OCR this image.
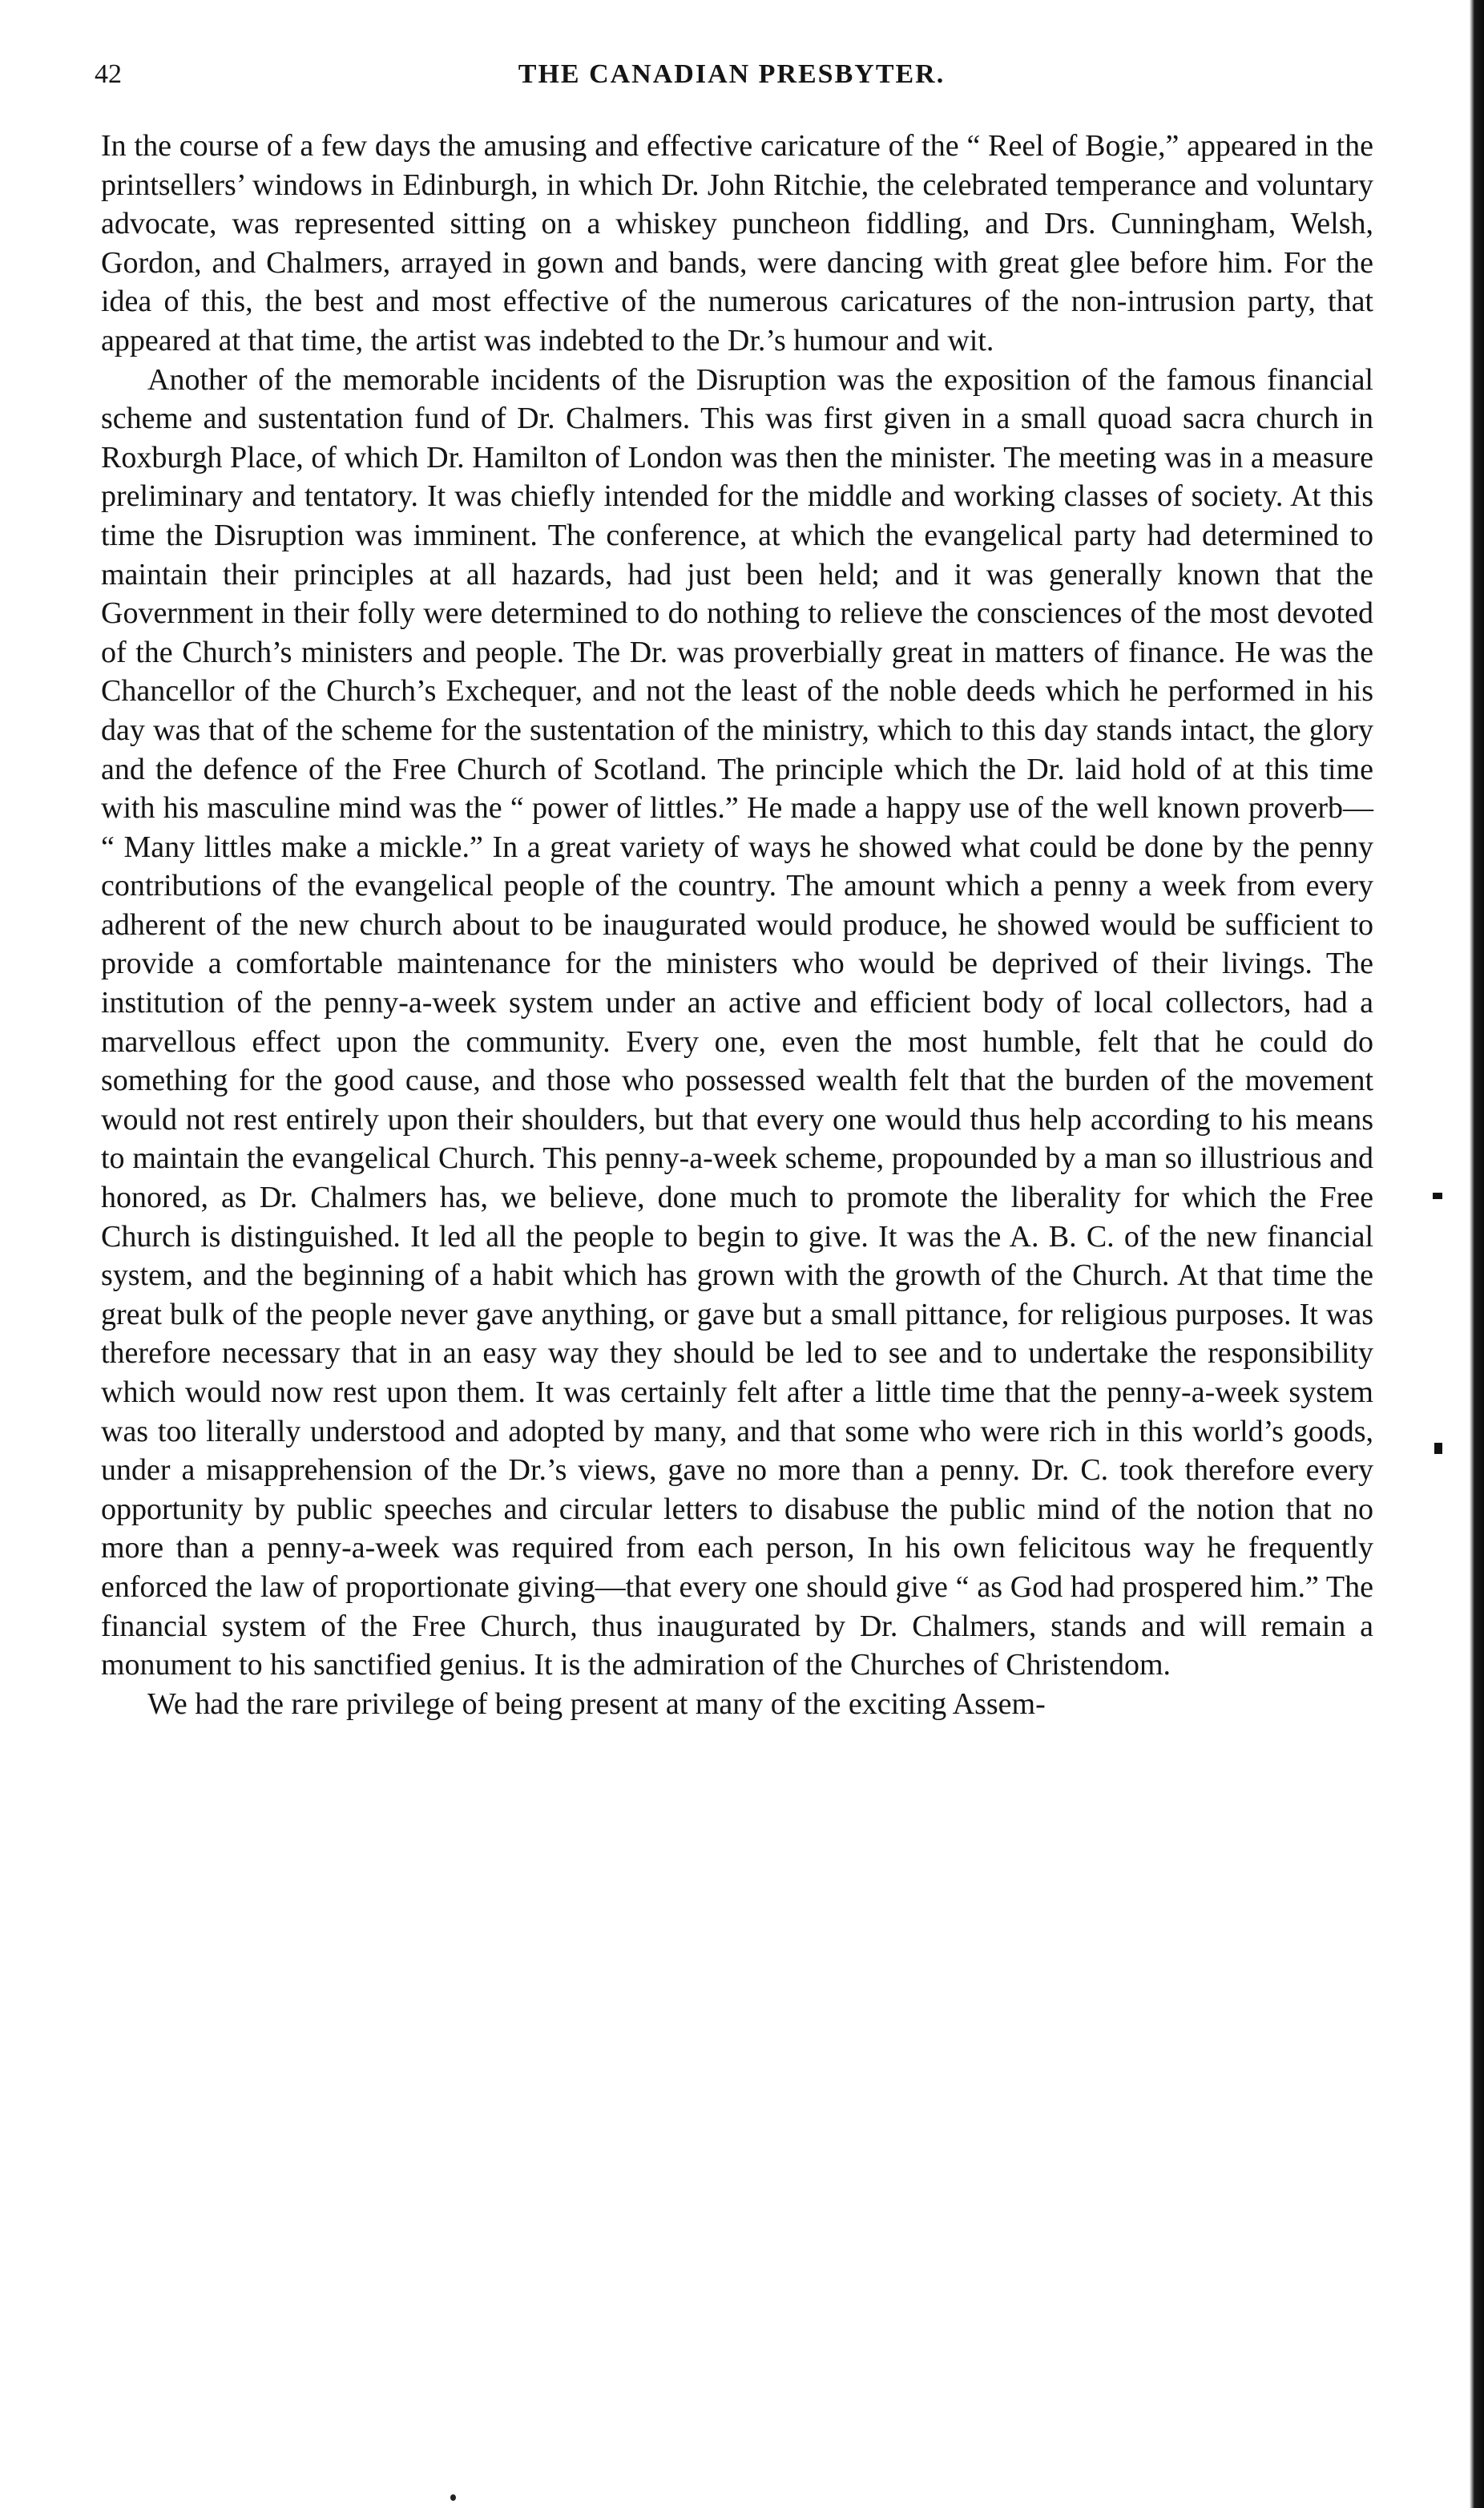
42	THE CANADIAN PRESBYTER.

In the course of a few days the amusing and effective caricature of the “ Reel of Bogie,” appeared in the printsellers’ windows in Edinburgh, in which Dr. John Ritchie, the celebrated temperance and voluntary advocate, was represented sitting on a whiskey puncheon fiddling, and Drs. Cunningham, Welsh, Gordon, and Chalmers, arrayed in gown and bands, were dancing with great glee before him. For the idea of this, the best and most effective of the numerous caricatures of the non-intrusion party, that appeared at that time, the artist was indebted to the Dr.’s humour and wit.

Another of the memorable incidents of the Disruption was the exposition of the famous financial scheme and sustentation fund of Dr. Chalmers. This was first given in a small quoad sacra church in Roxburgh Place, of which Dr. Hamilton of London was then the minister. The meeting was in a measure preliminary and tentatory. It was chiefly intended for the middle and working classes of society. At this time the Disruption was imminent. The conference, at which the evangelical party had determined to maintain their principles at all hazards, had just been held; and it was generally known that the Government in their folly were determined to do nothing to relieve the consciences of the most devoted of the Church’s ministers and people. The Dr. was proverbially great in matters of finance. He was the Chancellor of the Church’s Exchequer, and not the least of the noble deeds which he performed in his day was that of the scheme for the sustentation of the ministry, which to this day stands intact, the glory and the defence of the Free Church of Scotland. The principle which the Dr. laid hold of at this time with his masculine mind was the “ power of littles.” He made a happy use of the well known proverb— “ Many littles make a mickle.” In a great variety of ways he showed what could be done by the penny contributions of the evangelical people of the country. The amount which a penny a week from every adherent of the new church about to be inaugurated would produce, he showed would be sufficient to provide a comfortable maintenance for the ministers who would be deprived of their livings. The institution of the penny-a-week system under an active and efficient body of local collectors, had a marvellous effect upon the community. Every one, even the most humble, felt that he could do something for the good cause, and those who possessed wealth felt that the burden of the movement would not rest entirely upon their shoulders, but that every one would thus help according to his means to maintain the evangelical Church. This penny-a-week scheme, propounded by a man so illustrious and honored, as Dr. Chalmers has, we believe, done much to promote the liberality for which the Free Church is distinguished. It led all the people to begin to give. It was the A. B. C. of the new financial system, and the beginning of a habit which has grown with the growth of the Church. At that time the great bulk of the people never gave anything, or gave but a small pittance, for religious purposes. It was therefore necessary that in an easy way they should be led to see and to undertake the responsibility which would now rest upon them. It was certainly felt after a little time that the penny-a-week system was too literally understood and adopted by many, and that some who were rich in this world’s goods, under a misapprehension of the Dr.’s views, gave no more than a penny. Dr. C. took therefore every opportunity by public speeches and circular letters to disabuse the public mind of the notion that no more than a penny-a-week was required from each person, In his own felicitous way he frequently enforced the law of proportionate giving—that every one should give “ as God had prospered him.” The financial system of the Free Church, thus inaugurated by Dr. Chalmers, stands and will remain a monument to his sanctified genius. It is the admiration of the Churches of Christendom.

We had the rare privilege of being present at many of the exciting Assem-
